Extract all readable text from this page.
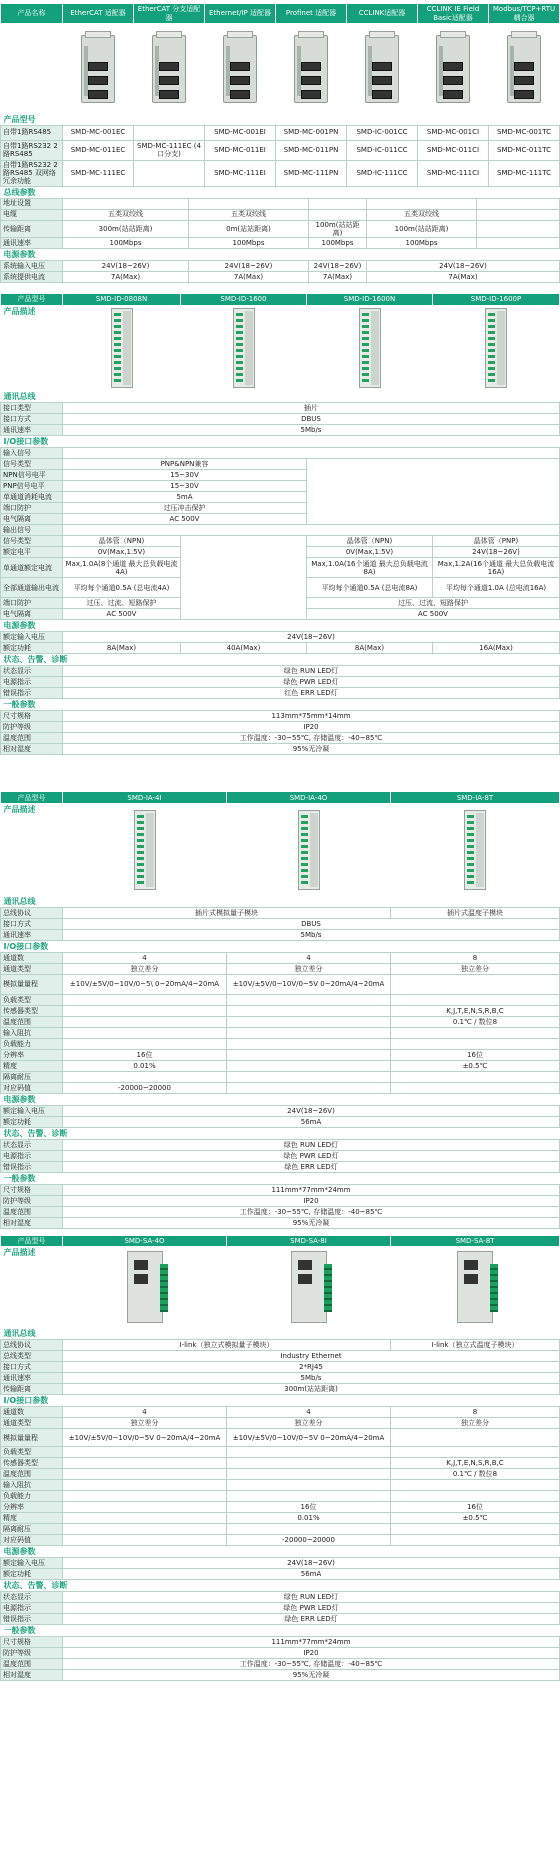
产品名称	EtherCAT 适配器	EtherCAT 分支适配器	Ethernet/IP 适配器	Profinet 适配器	CCLINK适配器	CCLINK IE Field Basic适配器	Modbus/TCP+RTU 耦合器

产品型号							
自带1路RS485	SMD-MC-001EC		SMD-MC-001EI	SMD-MC-001PN	SMD-IC-001CC	SMD-MC-001CI	SMD-MC-001TC
自带1路RS232 2路RS485	SMD-MC-011EC	SMD-MC-111EC (4口分支)	SMD-MC-011EI	SMD-MC-011PN	SMD-IC-011CC	SMD-MC-011CI	SMD-MC-011TC
自带1路RS232 2路RS485 双网络冗余功能	SMD-MC-111EC		SMD-MC-111EI	SMD-MC-111PN	SMD-IC-111CC	SMD-MC-111CI	SMD-MC-111TC
总线参数							
地址设置					
电缆	五类双绞线	五类双绞线		五类双绞线	
传输距离	300m(站站距离)	0m(站站距离)	100m(站站距离)	100m(站站距离)	
通讯速率	100Mbps	100Mbps	100Mbps	100Mbps	
电源参数					
系统输入电压	24V(18~26V)	24V(18~26V)	24V(18~26V)	24V(18~26V)	
系统提供电流	7A(Max)	7A(Max)	7A(Max)	7A(Max)	
产品型号	SMD-ID-0808N	SMD-ID-1600	SMD-ID-1600N	SMD-ID-1600P
产品描述	

通讯总线				
接口类型	插片			
接口方式	DBUS			
通讯速率	5Mb/s			
I/O接口参数				
输入信号				
信号类型	PNP&NPN兼容			
NPN信号电平	15~30V			
PNP信号电平	15~30V			
单通道消耗电流	5mA			
端口防护	过压冲击保护			
电气隔离	AC 500V			
输出信号				
信号类型	晶体管（NPN)		晶体管（NPN)	晶体管（PNP)
额定电平	0V(Max,1.5V)		0V(Max,1.5V)	24V(18~26V)
单通道额定电流	Max,1.0A(8个通道 最大总负载电流4A)		Max,1.0A(16个通道 最大总负载电流8A)	Max,1.2A(16个通道 最大总负载电流16A)
全部通道输出电流	平均每个通道0.5A (总电流4A)		平均每个通道0.5A (总电流8A)	平均每个通道1.0A (总电流16A)
端口防护	过压、过流、短路保护		过压、过流、短路保护	
电气隔离	AC 500V		AC 500V	
电源参数				
额定输入电压	24V(18~26V)			
额定功耗	8A(Max)	40A(Max)	8A(Max)	16A(Max)
状态、告警、诊断				
状态显示	绿色 RUN LED灯			
电源指示	绿色 PWR LED灯			
错误指示	红色 ERR LED灯			
一般参数				
尺寸规格	113mm*75mm*14mm			
防护等级	IP20			
温度范围	工作温度：-30~55℃, 存储温度：-40~85℃			
相对湿度	95%无冷凝			
产品型号	SMD-IA-4I	SMD-IA-4O	SMD-IA-8T
产品描述	

通讯总线			
总线协议	插片式模拟量子模块		插片式温度子模块
接口方式	DBUS		
通讯速率	5Mb/s		
I/O接口参数			
通道数	4	4	8
通道类型	独立差分	独立差分	独立差分
模拟量量程	±10V/±5V/0~10V/0~5\ 0~20mA/4~20mA	±10V/±5V/0~10V/0~5V 0~20mA/4~20mA	
负载类型			
传感器类型			K,J,T,E,N,S,R,B,C
温度范围			0.1℃ / 数位8
输入阻抗			
负载能力			
分辨率	16位		16位
精度	0.01%		±0.5℃
隔离耐压			
对应码值	-20000~20000		
电源参数			
额定输入电压	24V(18~26V)		
额定功耗	56mA		
状态、告警、诊断			
状态显示	绿色 RUN LED灯		
电源指示	绿色 PWR LED灯		
错误指示	绿色 ERR LED灯		
一般参数			
尺寸规格	111mm*77mm*24mm		
防护等级	IP20		
温度范围	工作温度：-30~55℃, 存储温度：-40~85℃		
相对湿度	95%无冷凝		
产品型号	SMD-SA-4O	SMD-SA-8I	SMD-SA-8T
产品描述	

通讯总线			
总线协议	I-link（独立式模拟量子模块）		I-link（独立式温度子模块）
总线类型	Industry Ethernet		
接口方式	2*RJ45		
通讯速率	5Mb/s		
传输距离	300m(站站距离)		
I/O接口参数			
通道数	4	4	8
通道类型	独立差分	独立差分	独立差分
模拟量量程	±10V/±5V/0~10V/0~5V 0~20mA/4~20mA	±10V/±5V/0~10V/0~5V 0~20mA/4~20mA	
负载类型			
传感器类型			K,J,T,E,N,S,R,B,C
温度范围			0.1℃ / 数位8
输入阻抗			
负载能力			
分辨率		16位	16位
精度		0.01%	±0.5℃
隔离耐压			
对应码值		-20000~20000	
电源参数			
额定输入电压	24V(18~26V)		
额定功耗	56mA		
状态、告警、诊断			
状态显示	绿色 RUN LED灯		
电源指示	绿色 PWR LED灯		
错误指示	绿色 ERR LED灯		
一般参数			
尺寸规格	111mm*77mm*24mm		
防护等级	IP20		
温度范围	工作温度：-30~55℃, 存储温度：-40~85℃		
相对湿度	95%无冷凝		
